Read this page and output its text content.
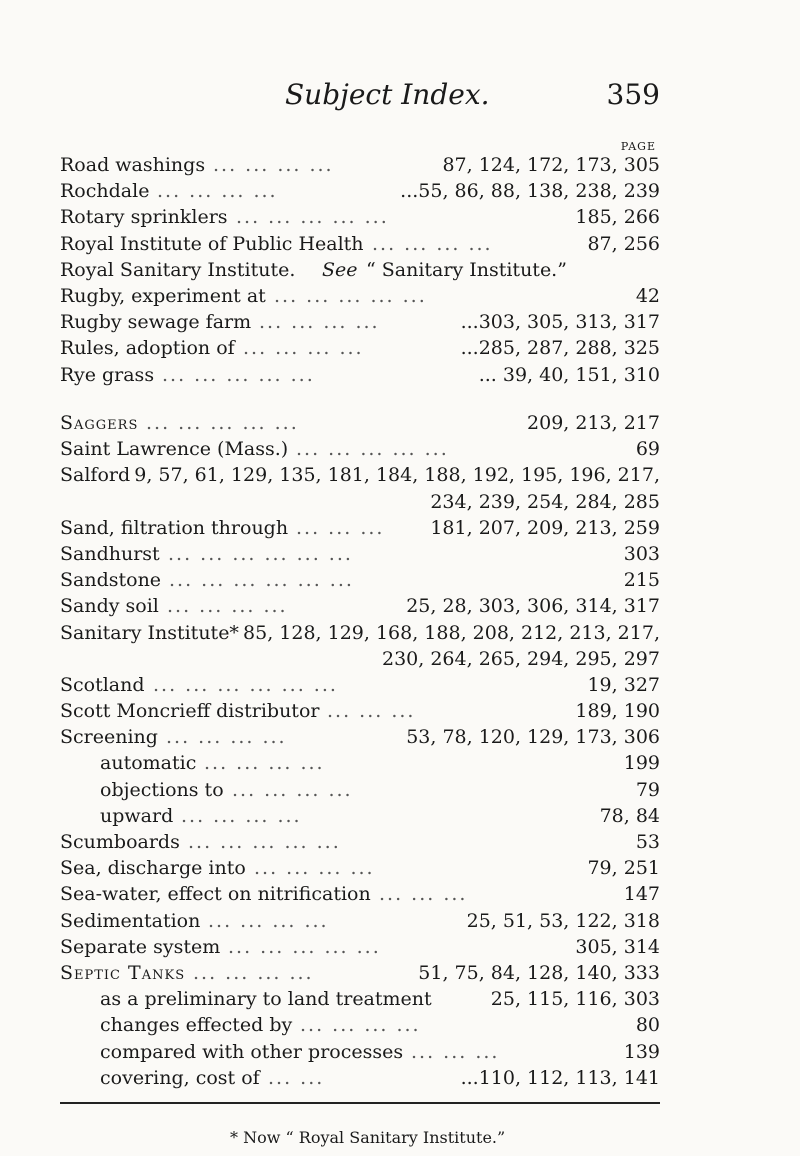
Subject Index.	359
PAGE
Road washings ... ... ... ...	87, 124, 172, 173, 305
Rochdale ... ... ... ...	...55, 86, 88, 138, 238, 239
Rotary sprinklers ... ... ... ... ...	185, 266
Royal Institute of Public Health ... ... ... ...	87, 256
Royal Sanitary Institute. See “ Sanitary Institute.”
Rugby, experiment at ... ... ... ... ...	42
Rugby sewage farm ... ... ... ...	...303, 305, 313, 317
Rules, adoption of ... ... ... ...	...285, 287, 288, 325
Rye grass ... ... ... ... ...	... 39, 40, 151, 310
Saggers ... ... ... ... ...	209, 213, 217
Saint Lawrence (Mass.) ... ... ... ... ...	69
Salford 9, 57, 61, 129, 135, 181, 184, 188, 192, 195, 196, 217,
234, 239, 254, 284, 285
Sand, filtration through ... ... ...	181, 207, 209, 213, 259
Sandhurst ... ... ... ... ... ...	303
Sandstone ... ... ... ... ... ...	215
Sandy soil ... ... ... ...	25, 28, 303, 306, 314, 317
Sanitary Institute* 85, 128, 129, 168, 188, 208, 212, 213, 217,
230, 264, 265, 294, 295, 297
Scotland ... ... ... ... ... ...	19, 327
Scott Moncrieff distributor ... ... ...	189, 190
Screening ... ... ... ...	53, 78, 120, 129, 173, 306
automatic ... ... ... ...	199
objections to ... ... ... ...	79
upward ... ... ... ...	78, 84
Scumboards ... ... ... ... ...	53
Sea, discharge into ... ... ... ...	79, 251
Sea-water, effect on nitrification ... ... ...	147
Sedimentation ... ... ... ...	25, 51, 53, 122, 318
Separate system ... ... ... ... ...	305, 314
Septic Tanks ... ... ... ...	51, 75, 84, 128, 140, 333
as a preliminary to land treatment	25, 115, 116, 303
changes effected by ... ... ... ...	80
compared with other processes ... ... ...	139
covering, cost of ... ...	...110, 112, 113, 141
* Now “ Royal Sanitary Institute.”
